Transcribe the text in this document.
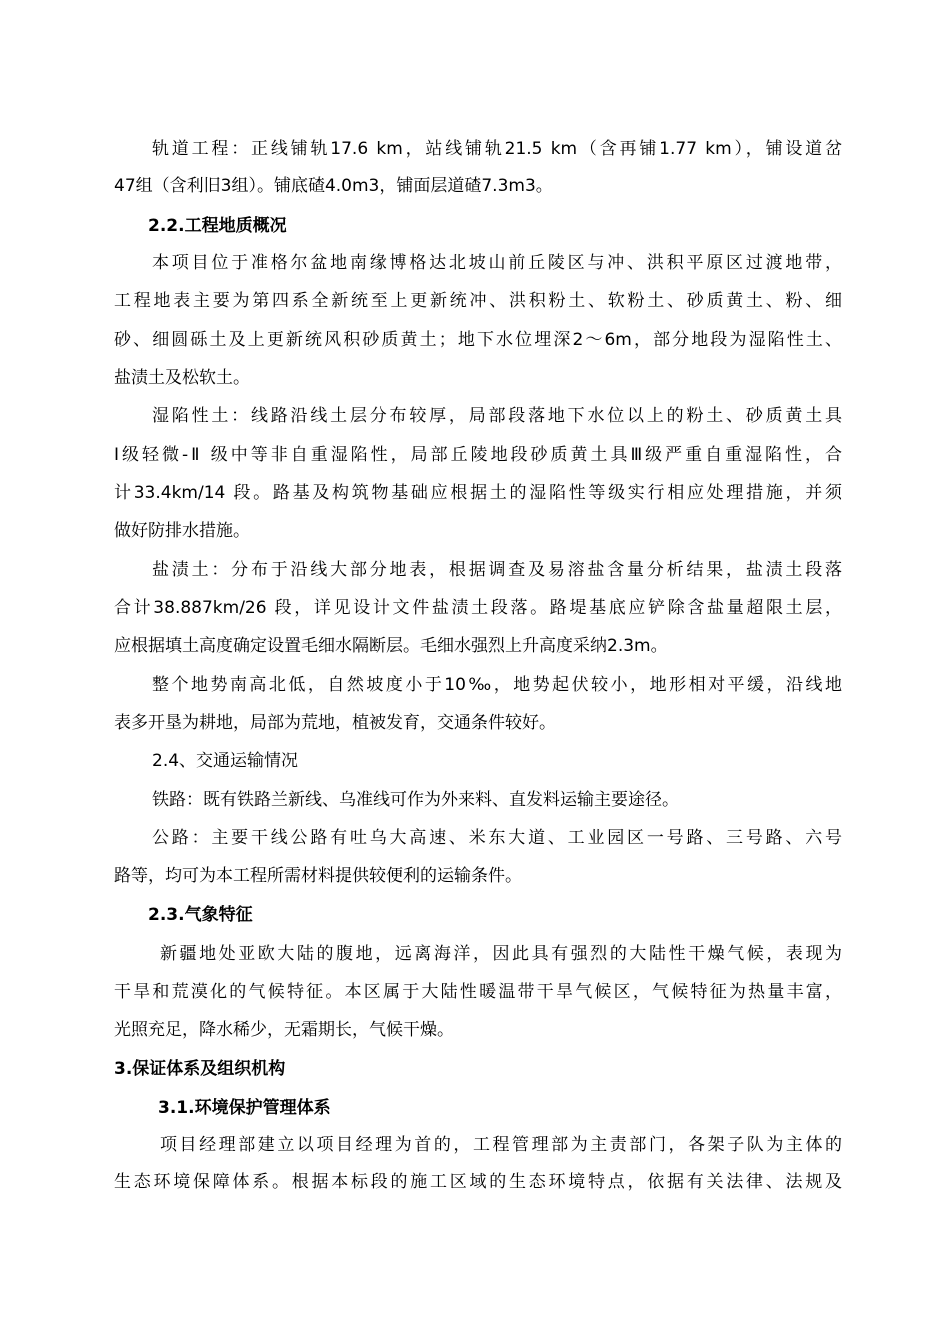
轨道工程：正线铺轨17.6 km，站线铺轨21.5 km（含再铺1.77 km），铺设道岔
47组（含利旧3组）。铺底碴4.0m3，铺面层道碴7.3m3。
2.2.工程地质概况
本项目位于准格尔盆地南缘博格达北坡山前丘陵区与冲、洪积平原区过渡地带，
工程地表主要为第四系全新统至上更新统冲、洪积粉土、软粉土、砂质黄土、粉、细
砂、细圆砾土及上更新统风积砂质黄土；地下水位埋深2～6m，部分地段为湿陷性土、
盐渍土及松软土。
湿陷性土：线路沿线土层分布较厚，局部段落地下水位以上的粉土、砂质黄土具
Ⅰ级轻微-Ⅱ 级中等非自重湿陷性，局部丘陵地段砂质黄土具Ⅲ级严重自重湿陷性，合
计33.4km/14 段。路基及构筑物基础应根据土的湿陷性等级实行相应处理措施，并须
做好防排水措施。
盐渍土：分布于沿线大部分地表，根据调查及易溶盐含量分析结果，盐渍土段落
合计38.887km/26 段，详见设计文件盐渍土段落。路堤基底应铲除含盐量超限土层，
应根据填土高度确定设置毛细水隔断层。毛细水强烈上升高度采纳2.3m。
整个地势南高北低，自然坡度小于10‰，地势起伏较小，地形相对平缓，沿线地
表多开垦为耕地，局部为荒地，植被发育，交通条件较好。
2.4、交通运输情况
铁路：既有铁路兰新线、乌准线可作为外来料、直发料运输主要途径。
公路：主要干线公路有吐乌大高速、米东大道、工业园区一号路、三号路、六号
路等，均可为本工程所需材料提供较便利的运输条件。
2.3.气象特征
新疆地处亚欧大陆的腹地，远离海洋，因此具有强烈的大陆性干燥气候，表现为
干旱和荒漠化的气候特征。本区属于大陆性暖温带干旱气候区，气候特征为热量丰富，
光照充足，降水稀少，无霜期长，气候干燥。
3.保证体系及组织机构
3.1.环境保护管理体系
项目经理部建立以项目经理为首的，工程管理部为主责部门，各架子队为主体的
生态环境保障体系。根据本标段的施工区域的生态环境特点，依据有关法律、法规及
